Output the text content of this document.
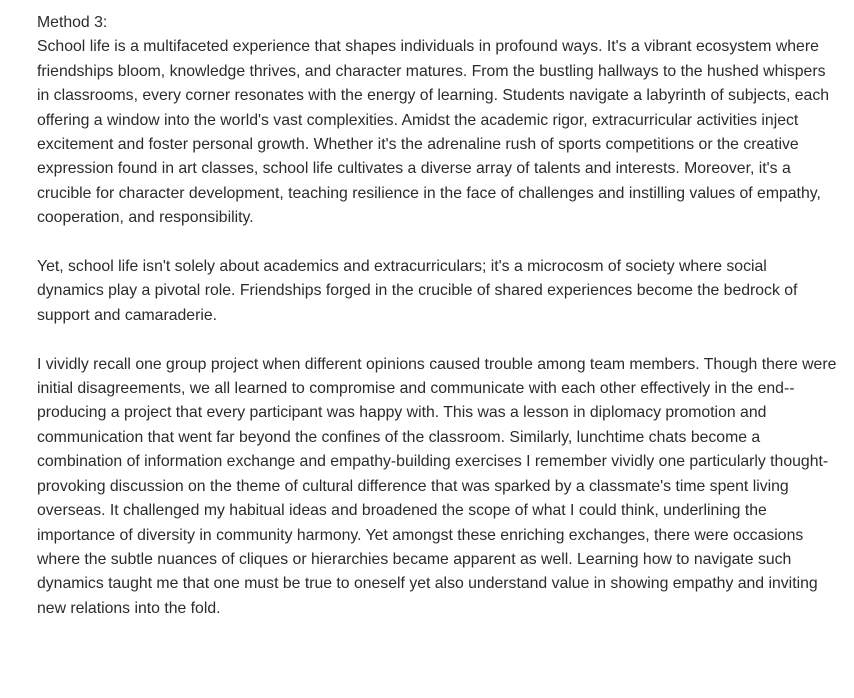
Method 3:

School life is a multifaceted experience that shapes individuals in profound ways. It's a vibrant ecosystem where friendships bloom, knowledge thrives, and character matures. From the bustling hallways to the hushed whispers in classrooms, every corner resonates with the energy of learning. Students navigate a labyrinth of subjects, each offering a window into the world's vast complexities. Amidst the academic rigor, extracurricular activities inject excitement and foster personal growth. Whether it's the adrenaline rush of sports competitions or the creative expression found in art classes, school life cultivates a diverse array of talents and interests. Moreover, it's a crucible for character development, teaching resilience in the face of challenges and instilling values of empathy, cooperation, and responsibility.

Yet, school life isn't solely about academics and extracurriculars; it's a microcosm of society where social dynamics play a pivotal role. Friendships forged in the crucible of shared experiences become the bedrock of support and camaraderie.

I vividly recall one group project when different opinions caused trouble among team members. Though there were initial disagreements, we all learned to compromise and communicate with each other effectively in the end--producing a project that every participant was happy with. This was a lesson in diplomacy promotion and communication that went far beyond the confines of the classroom. Similarly, lunchtime chats become a combination of information exchange and empathy-building exercises I remember vividly one particularly thought-provoking discussion on the theme of cultural difference that was sparked by a classmate's time spent living overseas. It challenged my habitual ideas and broadened the scope of what I could think, underlining the importance of diversity in community harmony. Yet amongst these enriching exchanges, there were occasions where the subtle nuances of cliques or hierarchies became apparent as well. Learning how to navigate such dynamics taught me that one must be true to oneself yet also understand value in showing empathy and inviting new relations into the fold.
